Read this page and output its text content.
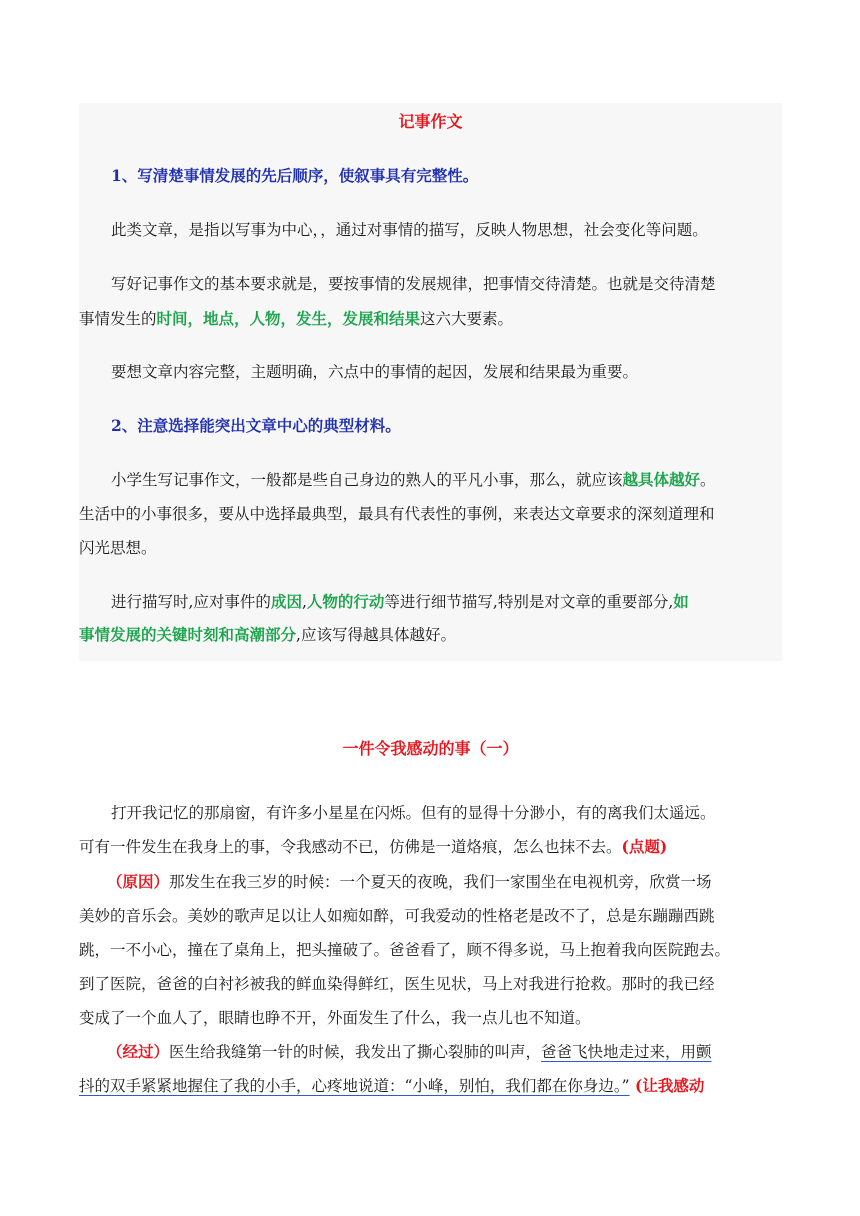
记事作文
1、写清楚事情发展的先后顺序，使叙事具有完整性。
此类文章，是指以写事为中心，，通过对事情的描写，反映人物思想，社会变化等问题。
写好记事作文的基本要求就是，要按事情的发展规律，把事情交待清楚。也就是交待清楚
事情发生的时间，地点，人物，发生，发展和结果这六大要素。
要想文章内容完整，主题明确，六点中的事情的起因，发展和结果最为重要。
2、注意选择能突出文章中心的典型材料。
小学生写记事作文，一般都是些自己身边的熟人的平凡小事，那么，就应该越具体越好。
生活中的小事很多，要从中选择最典型，最具有代表性的事例，来表达文章要求的深刻道理和
闪光思想。
进行描写时,应对事件的成因,人物的行动等进行细节描写,特别是对文章的重要部分,如
事情发展的关键时刻和高潮部分,应该写得越具体越好。
一件令我感动的事（一）
打开我记忆的那扇窗，有许多小星星在闪烁。但有的显得十分渺小，有的离我们太遥远。
可有一件发生在我身上的事，令我感动不已，仿佛是一道烙痕，怎么也抹不去。(点题)
（原因）那发生在我三岁的时候：一个夏天的夜晚，我们一家围坐在电视机旁，欣赏一场
美妙的音乐会。美妙的歌声足以让人如痴如醉，可我爱动的性格老是改不了，总是东蹦蹦西跳
跳，一不小心，撞在了桌角上，把头撞破了。爸爸看了，顾不得多说，马上抱着我向医院跑去。
到了医院，爸爸的白衬衫被我的鲜血染得鲜红，医生见状，马上对我进行抢救。那时的我已经
变成了一个血人了，眼睛也睁不开，外面发生了什么，我一点儿也不知道。
（经过）医生给我缝第一针的时候，我发出了撕心裂肺的叫声，爸爸飞快地走过来，用颤
抖的双手紧紧地握住了我的小手，心疼地说道：“小峰，别怕，我们都在你身边。” (让我感动
